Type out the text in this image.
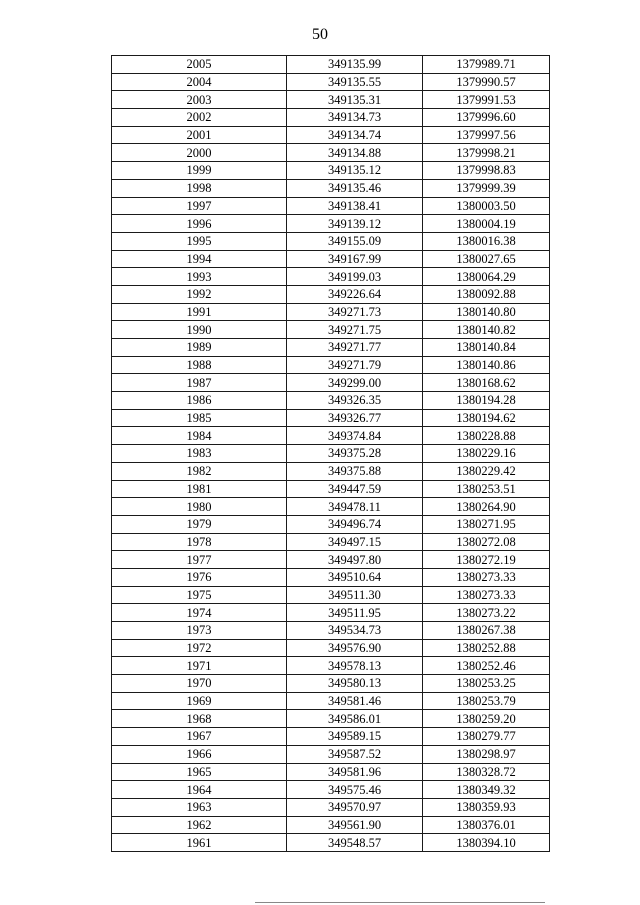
50
2005	349135.99	1379989.71
2004	349135.55	1379990.57
2003	349135.31	1379991.53
2002	349134.73	1379996.60
2001	349134.74	1379997.56
2000	349134.88	1379998.21
1999	349135.12	1379998.83
1998	349135.46	1379999.39
1997	349138.41	1380003.50
1996	349139.12	1380004.19
1995	349155.09	1380016.38
1994	349167.99	1380027.65
1993	349199.03	1380064.29
1992	349226.64	1380092.88
1991	349271.73	1380140.80
1990	349271.75	1380140.82
1989	349271.77	1380140.84
1988	349271.79	1380140.86
1987	349299.00	1380168.62
1986	349326.35	1380194.28
1985	349326.77	1380194.62
1984	349374.84	1380228.88
1983	349375.28	1380229.16
1982	349375.88	1380229.42
1981	349447.59	1380253.51
1980	349478.11	1380264.90
1979	349496.74	1380271.95
1978	349497.15	1380272.08
1977	349497.80	1380272.19
1976	349510.64	1380273.33
1975	349511.30	1380273.33
1974	349511.95	1380273.22
1973	349534.73	1380267.38
1972	349576.90	1380252.88
1971	349578.13	1380252.46
1970	349580.13	1380253.25
1969	349581.46	1380253.79
1968	349586.01	1380259.20
1967	349589.15	1380279.77
1966	349587.52	1380298.97
1965	349581.96	1380328.72
1964	349575.46	1380349.32
1963	349570.97	1380359.93
1962	349561.90	1380376.01
1961	349548.57	1380394.10
